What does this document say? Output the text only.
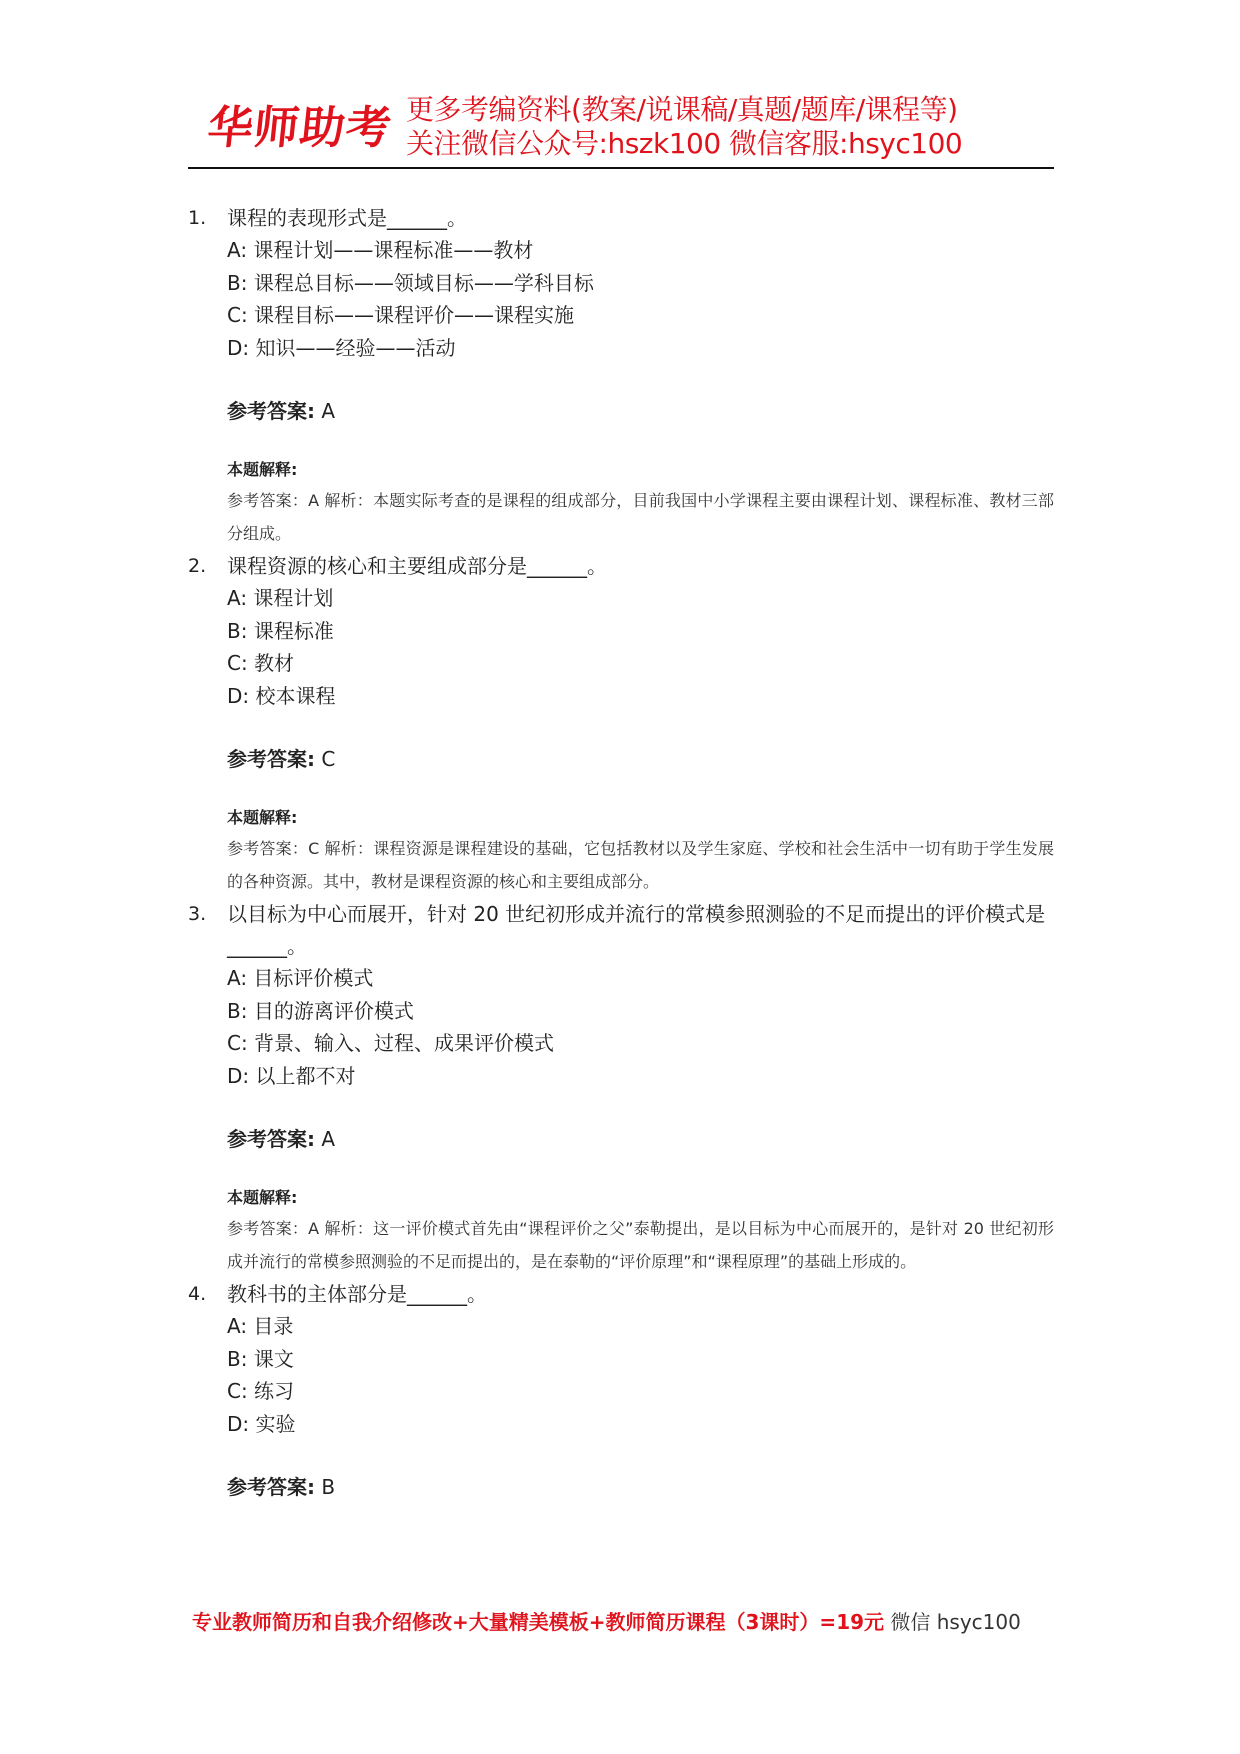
华师助考 更多考编资料(教案/说课稿/真题/题库/课程等)
关注微信公众号:hszk100 微信客服:hsyc100
1. 课程的表现形式是______。
A: 课程计划——课程标准——教材
B: 课程总目标——领域目标——学科目标
C: 课程目标——课程评价——课程实施
D: 知识——经验——活动
参考答案: A
本题解释:
参考答案：A 解析：本题实际考查的是课程的组成部分，目前我国中小学课程主要由课程计划、课程标准、教材三部分组成。
2. 课程资源的核心和主要组成部分是______。
A: 课程计划
B: 课程标准
C: 教材
D: 校本课程
参考答案: C
本题解释:
参考答案：C 解析：课程资源是课程建设的基础，它包括教材以及学生家庭、学校和社会生活中一切有助于学生发展的各种资源。其中，教材是课程资源的核心和主要组成部分。
3. 以目标为中心而展开，针对 20 世纪初形成并流行的常模参照测验的不足而提出的评价模式是______。
A: 目标评价模式
B: 目的游离评价模式
C: 背景、输入、过程、成果评价模式
D: 以上都不对
参考答案: A
本题解释:
参考答案：A 解析：这一评价模式首先由“课程评价之父”泰勒提出，是以目标为中心而展开的，是针对 20 世纪初形成并流行的常模参照测验的不足而提出的，是在泰勒的“评价原理”和“课程原理”的基础上形成的。
4. 教科书的主体部分是______。
A: 目录
B: 课文
C: 练习
D: 实验
参考答案: B
专业教师简历和自我介绍修改+大量精美模板+教师简历课程（3课时）=19元 微信 hsyc100
